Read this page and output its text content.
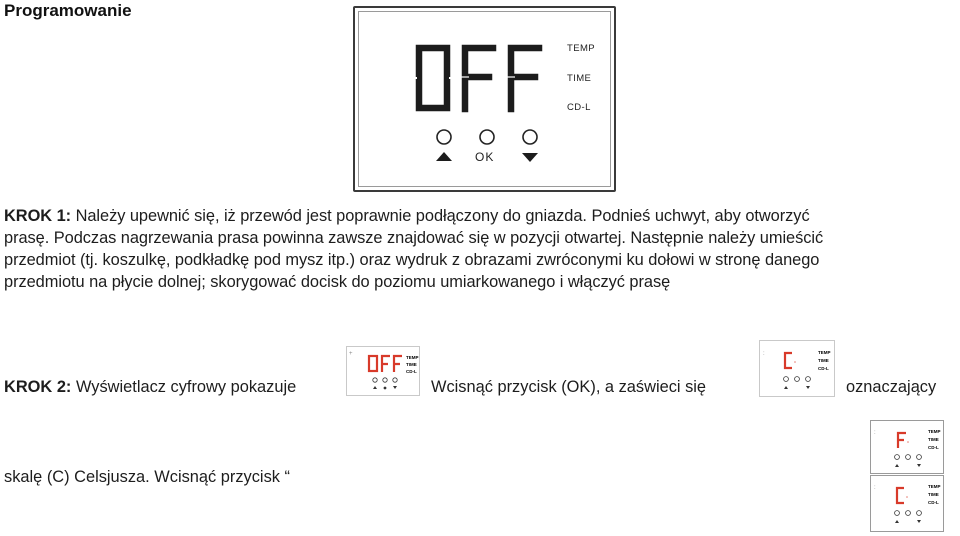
Programowanie
TEMP
TIME
CD-L
OK
KROK 1: Należy upewnić się, iż przewód jest poprawnie podłączony do gniazda. Podnieś uchwyt, aby otworzyć
prasę. Podczas nagrzewania prasa powinna zawsze znajdować się w pozycji otwartej. Następnie należy umieścić
przedmiot (tj. koszulkę, podkładkę pod mysz itp.) oraz wydruk z obrazami zwróconymi ku dołowi w stronę danego
przedmiotu na płycie dolnej; skorygować docisk do poziomu umiarkowanego i włączyć prasę
KROK 2: Wyświetlacz cyfrowy pokazuje
+
TEMP
TIME
CD-L
Wcisnąć przycisk (OK), a zaświeci się
:
°
TEMP
TIME
CD-L
oznaczający
:
°
TEMP
TIME
CD-L
skalę (C) Celsjusza. Wcisnąć przycisk “
:
°
TEMP
TIME
CD-L
